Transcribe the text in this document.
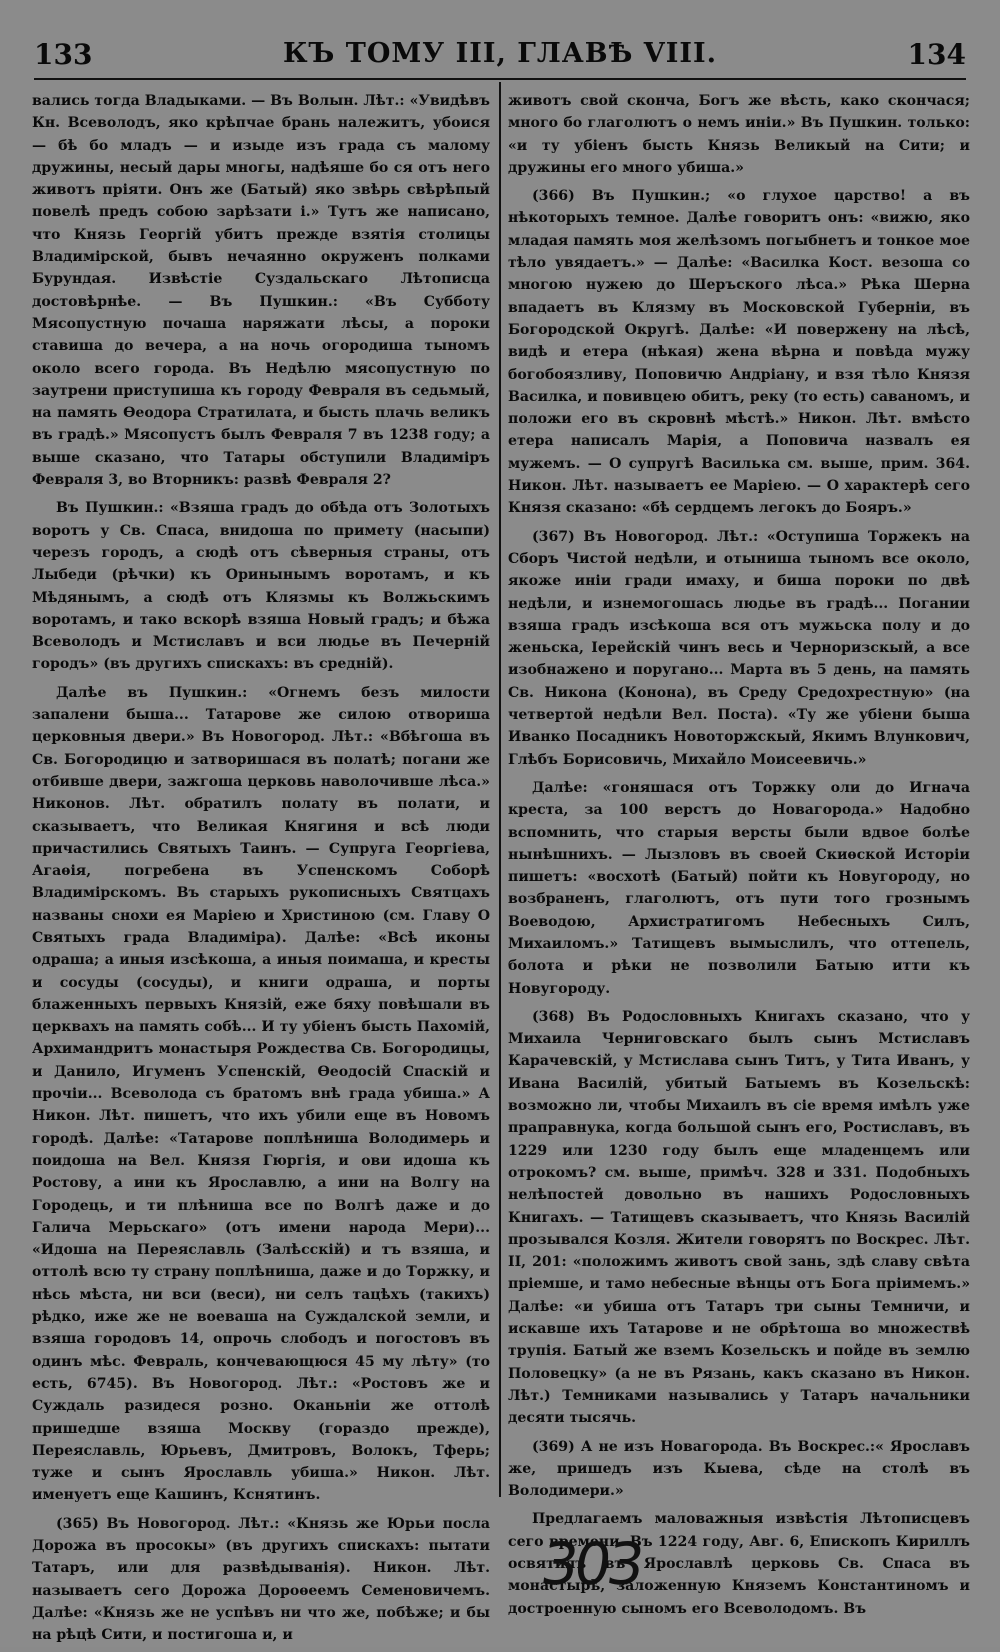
133	КЪ ТОМУ III, ГЛАВѢ VIII.	134

вались тогда Владыками. — Въ Волын. Лѣт.: «Увидѣвъ Кн. Всеволодъ, яко крѣпчае брань належитъ, убоися — бѣ бо младъ — и изыде изъ града съ малому дружины, несый дары многы, надѣяше бо ся отъ него животъ пріяти. Онъ же (Батый) яко звѣрь свѣрѣпый повелѣ предъ собою зарѣзати і.» Тутъ же написано, что Князь Георгій убитъ прежде взятія столицы Владимірской, бывъ нечаянно окруженъ полками Бурундая. Извѣстіе Суздальскаго Лѣтописца достовѣрнѣе. — Въ Пушкин.: «Въ Субботу Мясопустную почаша наряжати лѣсы, а пороки ставиша до вечера, а на ночь огородиша тыномъ около всего города. Въ Недѣлю мясопустную по заутрени приступиша къ городу Февраля въ седьмый, на память Ѳеодора Стратилата, и бысть плачь великъ въ градѣ.» Мясопустъ былъ Февраля 7 въ 1238 году; а выше сказано, что Татары обступили Владиміръ Февраля 3, во Вторникъ: развѣ Февраля 2?

Въ Пушкин.: «Взяша градъ до обѣда отъ Золотыхъ воротъ у Св. Спаса, внидоша по примету (насыпи) черезъ городъ, а сюдѣ отъ сѣверныя страны, отъ Лыбеди (рѣчки) къ Оринынымъ воротамъ, и къ Мѣдянымъ, а сюдѣ отъ Клязмы къ Волжьскимъ воротамъ, и тако вскорѣ взяша Новый градъ; и бѣжа Всеволодъ и Мстиславъ и вси людье въ Печерній городъ» (въ другихъ спискахъ: въ средній).

Далѣе въ Пушкин.: «Огнемъ безъ милости запалени быша... Татарове же силою отвориша церковныя двери.» Въ Новогород. Лѣт.: «Вбѣгоша въ Св. Богородицю и затворишася въ полатѣ; погани же отбивше двери, зажгоша церковь наволочивше лѣса.» Никонов. Лѣт. обратилъ полату въ полати, и сказываетъ, что Великая Княгиня и всѣ люди причастились Святыхъ Таинъ. — Супруга Георгіева, Агаѳія, погребена въ Успенскомъ Соборѣ Владимірскомъ. Въ старыхъ рукописныхъ Святцахъ названы снохи ея Маріею и Христиною (см. Главу О Святыхъ града Владиміра). Далѣе: «Всѣ иконы одраша; а иныя изсѣкоша, а иныя поимаша, и кресты и сосуды (сосуды), и книги одраша, и порты блаженныхъ первыхъ Князій, еже бяху повѣшали въ церквахъ на память собѣ... И ту убіенъ бысть Пахомій, Архимандритъ монастыря Рождества Св. Богородицы, и Данило, Игуменъ Успенскій, Ѳеодосій Спаскій и прочіи... Всеволода съ братомъ внѣ града убиша.» А Никон. Лѣт. пишетъ, что ихъ убили еще въ Новомъ городѣ. Далѣе: «Татарове поплѣниша Володимерь и поидоша на Вел. Князя Гюргія, и ови идоша къ Ростову, а ини къ Ярославлю, а ини на Волгу на Городець, и ти плѣниша все по Волгѣ даже и до Галича Мерьскаго» (отъ имени народа Мери)... «Идоша на Переяславль (Залѣсскій) и тъ взяша, и оттолѣ всю ту страну поплѣниша, даже и до Торжку, и нѣсь мѣста, ни вси (веси), ни селъ тацѣхъ (такихъ) рѣдко, иже же не воеваша на Суждалской земли, и взяша городовъ 14, опрочь слободъ и погостовъ въ одинъ мѣс. Февраль, кончевающюся 45 му лѣту» (то есть, 6745). Въ Новогород. Лѣт.: «Ростовъ же и Суждаль разидеся розно. Оканьніи же оттолѣ пришедше взяша Москву (гораздо прежде), Переяславль, Юрьевъ, Дмитровъ, Волокъ, Тферь; туже и сынъ Ярославль убиша.» Никон. Лѣт. именуетъ еще Кашинъ, Кснятинъ.

(365) Въ Новогород. Лѣт.: «Князь же Юрьи посла Дорожа въ просокы» (въ другихъ спискахъ: пытати Татаръ, или для развѣдыванія). Никон. Лѣт. называетъ сего Дорожа Дороѳеемъ Семеновичемъ. Далѣе: «Князь же не успѣвъ ни что же, побѣже; и бы на рѣцѣ Сити, и постигоша и, и

животъ свой скончa, Богъ же вѣсть, како скончася; много бо глаголютъ о немъ иніи.» Въ Пушкин. только: «и ту убіенъ бысть Князь Великый на Сити; и дружины его много убиша.»

(366) Въ Пушкин.; «о глухое царство! а въ нѣкоторыхъ темное. Далѣе говоритъ онъ: «вижю, яко младая память моя желѣзомъ погыбнетъ и тонкое мое тѣло увядаетъ.» — Далѣе: «Василка Кост. везоша со многою нужею до Шеръского лѣса.» Рѣка Шерна впадаетъ въ Клязму въ Московской Губерніи, въ Богородской Округѣ. Далѣе: «И повержену на лѣсѣ, видѣ и етера (нѣкая) жена вѣрна и повѣда мужу богобоязливу, Поповичю Андріану, и взя тѣло Князя Василка, и повивцею обитъ, реку (то есть) саваномъ, и положи его въ скровнѣ мѣстѣ.» Никон. Лѣт. вмѣсто етера написалъ Марія, а Поповича назвалъ ея мужемъ. — О супругѣ Василька см. выше, прим. 364. Никон. Лѣт. называетъ ее Маріею. — О характерѣ сего Князя сказано: «бѣ сердцемъ легокъ до Бояръ.»

(367) Въ Новогород. Лѣт.: «Оступиша Торжекъ на Сборъ Чистой недѣли, и отыниша тыномъ все около, якоже иніи гради имаху, и биша пороки по двѣ недѣли, и изнемогошась людье въ градѣ... Погании взяша градъ изсѣкоша вся отъ мужьска полу и до женьска, Іерейскій чинъ весь и Черноризскый, а все изобнажено и поругано... Марта въ 5 день, на память Св. Никона (Конона), въ Среду Средохрестную» (на четвертой недѣли Вел. Поста). «Ту же убіени быша Иванко Посадникъ Новоторжскый, Якимъ Влункович, Глѣбъ Борисовичь, Михайло Моисеевичь.»

Далѣе: «гоняшася отъ Торжку оли до Игнача креста, за 100 верстъ до Новагорода.» Надобно вспомнить, что старыя версты были вдвое болѣе нынѣшнихъ. — Лызловъ въ своей Скиѳской Исторіи пишетъ: «восхотѣ (Батый) пойти къ Новугороду, но возбраненъ, глаголютъ, отъ пути того грознымъ Воеводою, Архистратигомъ Небесныхъ Силъ, Михаиломъ.» Татищевъ вымыслилъ, что оттепель, болота и рѣки не позволили Батыю итти къ Новугороду.

(368) Въ Родословныхъ Книгахъ сказано, что у Михаила Черниговскаго былъ сынъ Мстиславъ Карачевскій, у Мстислава сынъ Титъ, у Тита Иванъ, у Ивана Василій, убитый Батыемъ въ Козельскѣ: возможно ли, чтобы Михаилъ въ сіе время имѣлъ уже праправнука, когда большой сынъ его, Ростиславъ, въ 1229 или 1230 году былъ еще младенцемъ или отрокомъ? см. выше, примѣч. 328 и 331. Подобныхъ нелѣпостей довольно въ нашихъ Родословныхъ Книгахъ. — Татищевъ сказываетъ, что Князь Василій прозывался Козля. Жители говорятъ по Воскрес. Лѣт. II, 201: «положимъ животъ свой зань, здѣ славу свѣта пріемше, и тамо небесные вѣнцы отъ Бога пріимемъ.» Далѣе: «и убиша отъ Татаръ три сыны Темничи, и искавше ихъ Татарове и не обрѣтоша во множествѣ трупія. Батый же вземъ Козельскъ и пойде въ землю Половецку» (а не въ Рязань, какъ сказано въ Никон. Лѣт.) Темниками назывались у Татаръ начальники десяти тысячь.

(369) А не изъ Новагорода. Въ Воскрес.:« Ярославъ же, пришедъ изъ Кыева, сѣде на столѣ въ Володимери.»

Предлагаемъ маловажныя извѣстія Лѣтописцевъ сего времени. Въ 1224 году, Авг. 6, Епископъ Кириллъ освятилъ въ Ярославлѣ церковь Св. Спаса въ монастырѣ, заложенную Княземъ Константиномъ и достроенную сыномъ его Всеволодомъ. Въ

303
